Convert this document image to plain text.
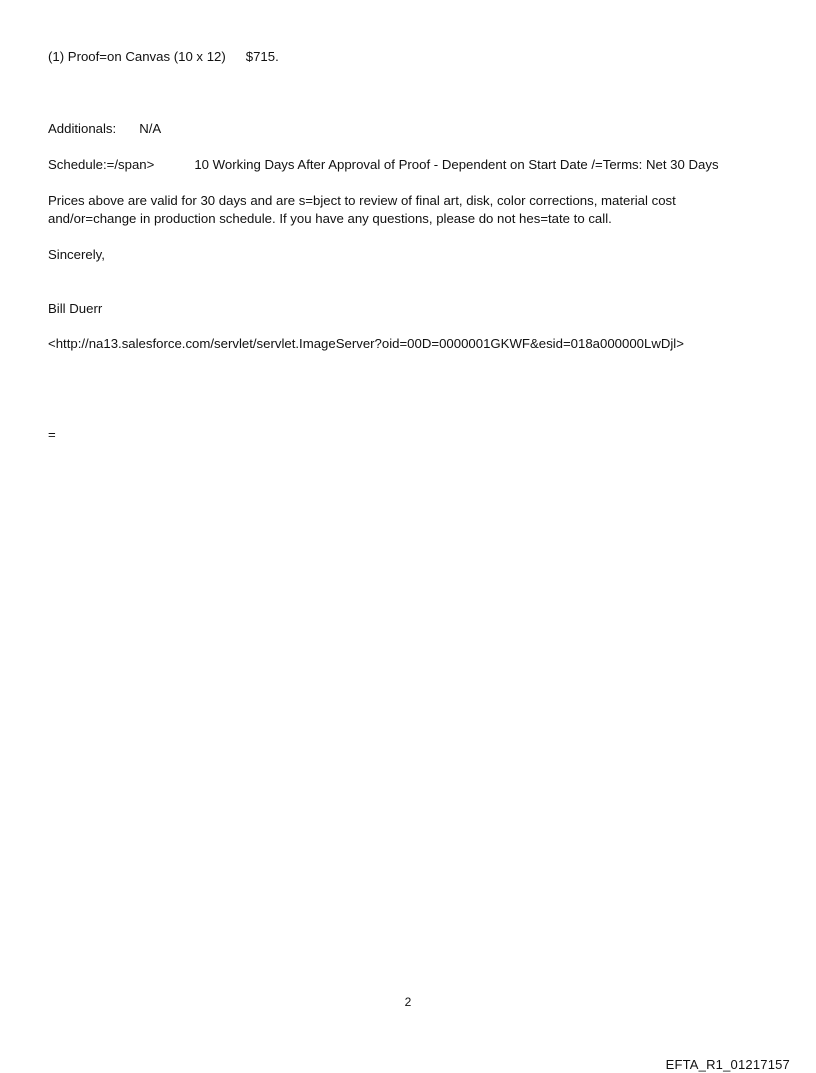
(1) Proof=on Canvas (10 x 12) $715.
Additionals: N/A
Schedule:=/span>	10 Working Days After Approval of Proof - Dependent on Start Date /=Terms: Net 30 Days
Prices above are valid for 30 days and are s=bject to review of final art, disk, color corrections, material cost and/or=change in production schedule. If you have any questions, please do not hes=tate to call.
Sincerely,
Bill Duerr
<http://na13.salesforce.com/servlet/servlet.ImageServer?oid=00D=0000001GKWF&esid=018a000000LwDjl>
=
2
EFTA_R1_01217157
